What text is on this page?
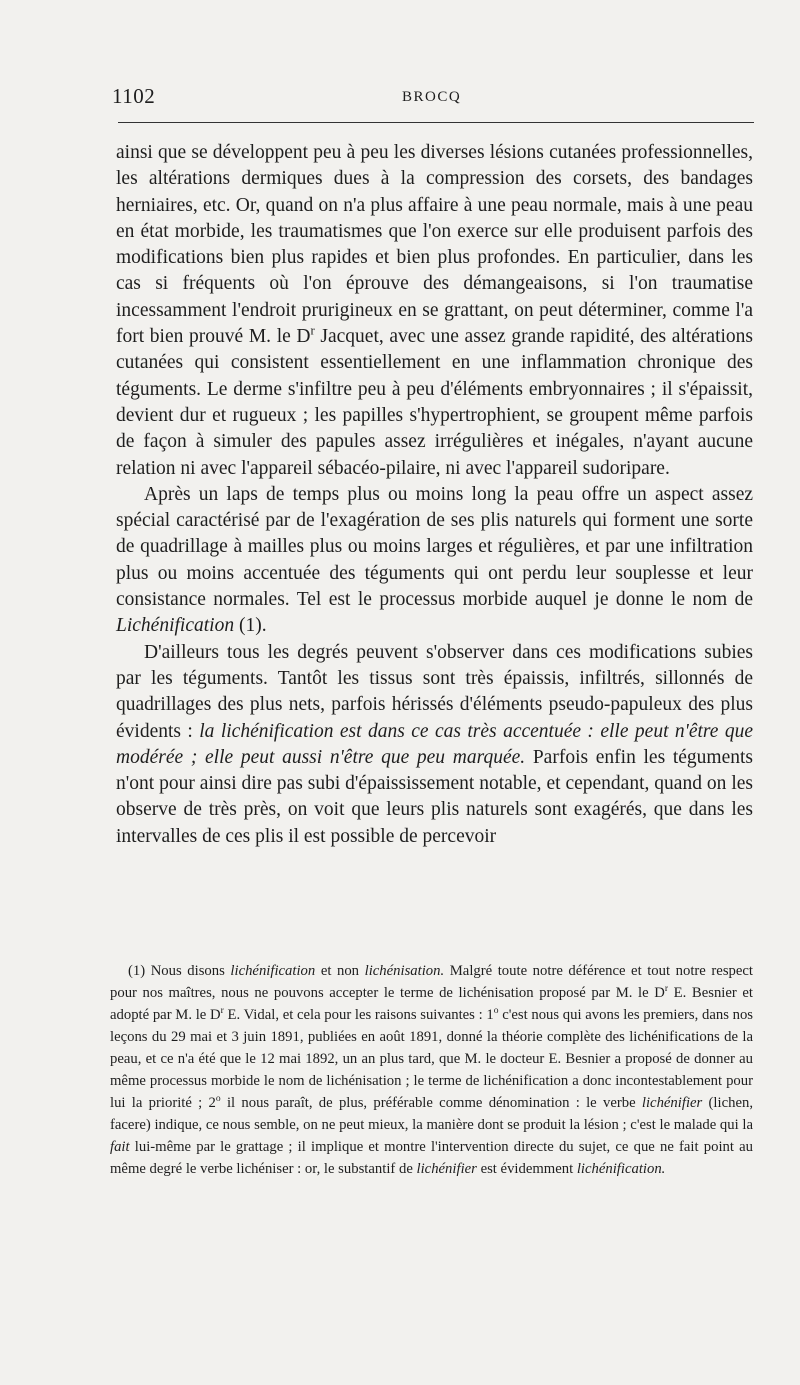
1102	BROCQ

ainsi que se développent peu à peu les diverses lésions cutanées professionnelles, les altérations dermiques dues à la compression des corsets, des bandages herniaires, etc. Or, quand on n'a plus affaire à une peau normale, mais à une peau en état morbide, les traumatismes que l'on exerce sur elle produisent parfois des modifications bien plus rapides et bien plus profondes. En particulier, dans les cas si fréquents où l'on éprouve des démangeaisons, si l'on traumatise incessamment l'endroit prurigineux en se grattant, on peut déterminer, comme l'a fort bien prouvé M. le $D^r$ Jacquet, avec une assez grande rapidité, des altérations cutanées qui consistent essentiellement en une inflammation chronique des téguments. Le derme s'infiltre peu à peu d'éléments embryonnaires ; il s'épaissit, devient dur et rugueux ; les papilles s'hypertrophient, se groupent même parfois de façon à simuler des papules assez irrégulières et inégales, n'ayant aucune relation ni avec l'appareil sébacéo-pilaire, ni avec l'appareil sudoripare.

Après un laps de temps plus ou moins long la peau offre un aspect assez spécial caractérisé par de l'exagération de ses plis naturels qui forment une sorte de quadrillage à mailles plus ou moins larges et régulières, et par une infiltration plus ou moins accentuée des téguments qui ont perdu leur souplesse et leur consistance normales. Tel est le processus morbide auquel je donne le nom de Lichénification (1).

D'ailleurs tous les degrés peuvent s'observer dans ces modifications subies par les téguments. Tantôt les tissus sont très épaissis, infiltrés, sillonnés de quadrillages des plus nets, parfois hérissés d'éléments pseudo-papuleux des plus évidents : la lichénification est dans ce cas très accentuée : elle peut n'être que modérée ; elle peut aussi n'être que peu marquée. Parfois enfin les téguments n'ont pour ainsi dire pas subi d'épaississement notable, et cependant, quand on les observe de très près, on voit que leurs plis naturels sont exagérés, que dans les intervalles de ces plis il est possible de percevoir

(1) Nous disons lichénification et non lichénisation. Malgré toute notre déférence et tout notre respect pour nos maîtres, nous ne pouvons accepter le terme de lichénisation proposé par M. le $D^r$ E. Besnier et adopté par M. le $D^r$ E. Vidal, et cela pour les raisons suivantes : 1$^o$ c'est nous qui avons les premiers, dans nos leçons du 29 mai et 3 juin 1891, publiées en août 1891, donné la théorie complète des lichénifications de la peau, et ce n'a été que le 12 mai 1892, un an plus tard, que M. le docteur E. Besnier a proposé de donner au même processus morbide le nom de lichénisation ; le terme de lichénification a donc incontestablement pour lui la priorité ; 2$^o$ il nous paraît, de plus, préférable comme dénomination : le verbe lichénifier (lichen, facere) indique, ce nous semble, on ne peut mieux, la manière dont se produit la lésion ; c'est le malade qui la fait lui-même par le grattage ; il implique et montre l'intervention directe du sujet, ce que ne fait point au même degré le verbe lichéniser : or, le substantif de lichénifier est évidemment lichénification.
